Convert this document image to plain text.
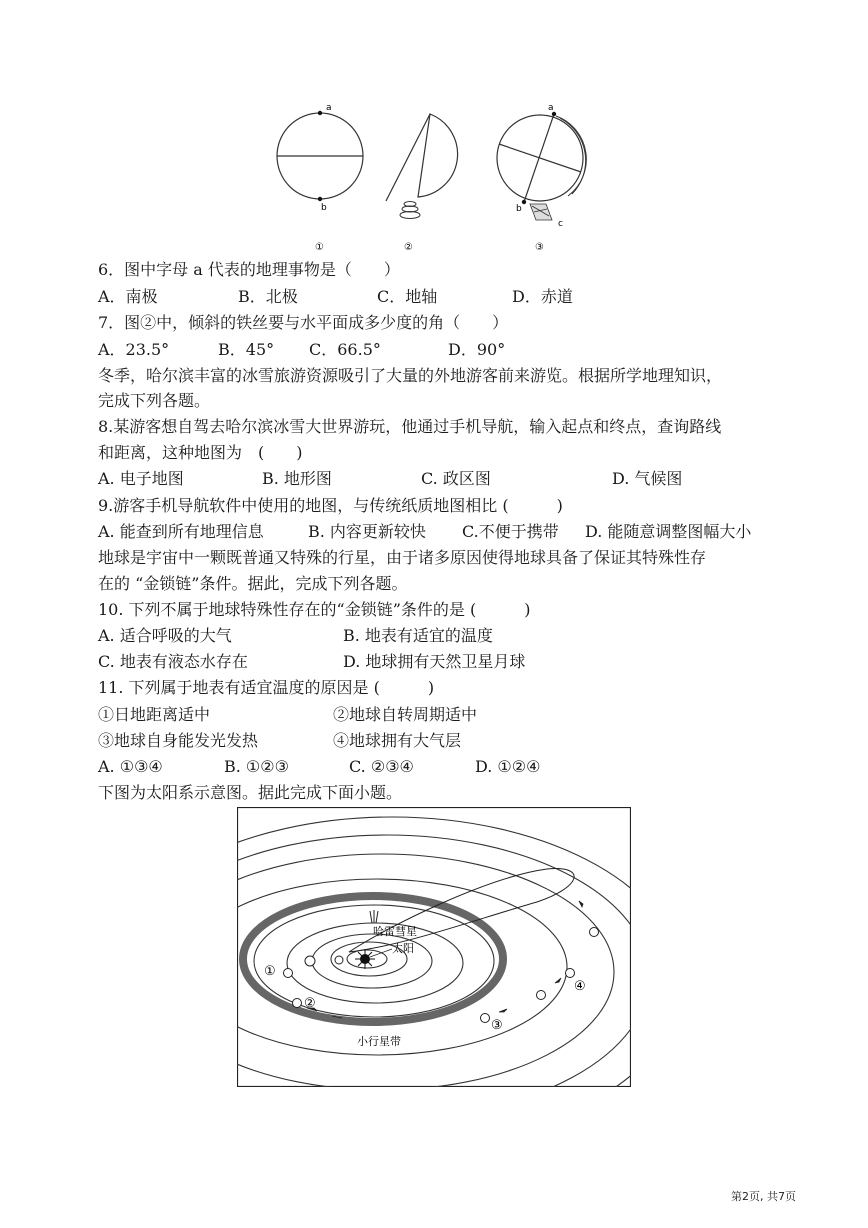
a
b
①	②
a
b
c
③
6．图中字母 a 代表的地理事物是（　　）
A．南极	B．北极	C．地轴	D．赤道
7．图②中，倾斜的铁丝要与水平面成多少度的角（　　）
A．23.5°	B．45° C．66.5°	D．90°
冬季，哈尔滨丰富的冰雪旅游资源吸引了大量的外地游客前来游览。根据所学地理知识，
完成下列各题。
8.某游客想自驾去哈尔滨冰雪大世界游玩，他通过手机导航，输入起点和终点，查询路线
和距离，这种地图为　(　　)
A. 电子地图	B. 地形图	C. 政区图	D. 气候图
9.游客手机导航软件中使用的地图，与传统纸质地图相比 (　　　)
A. 能查到所有地理信息	B. 内容更新较快 C.不便于携带 D. 能随意调整图幅大小
地球是宇宙中一颗既普通又特殊的行星，由于诸多原因使得地球具备了保证其特殊性存
在的 “金锁链”条件。据此，完成下列各题。
10. 下列不属于地球特殊性存在的“金锁链”条件的是 (　　　)
A. 适合呼吸的大气	B. 地表有适宜的温度
C. 地表有液态水存在	D. 地球拥有天然卫星月球
11. 下列属于地表有适宜温度的原因是 (　　　)
①日地距离适中	②地球自转周期适中
③地球自身能发光发热	④地球拥有大气层
A. ①③④	B. ①②③	C. ②③④	D. ①②④
下图为太阳系示意图。据此完成下面小题。
太阳
哈雷彗星
①
②
③
④
小行星带
第2页, 共7页
